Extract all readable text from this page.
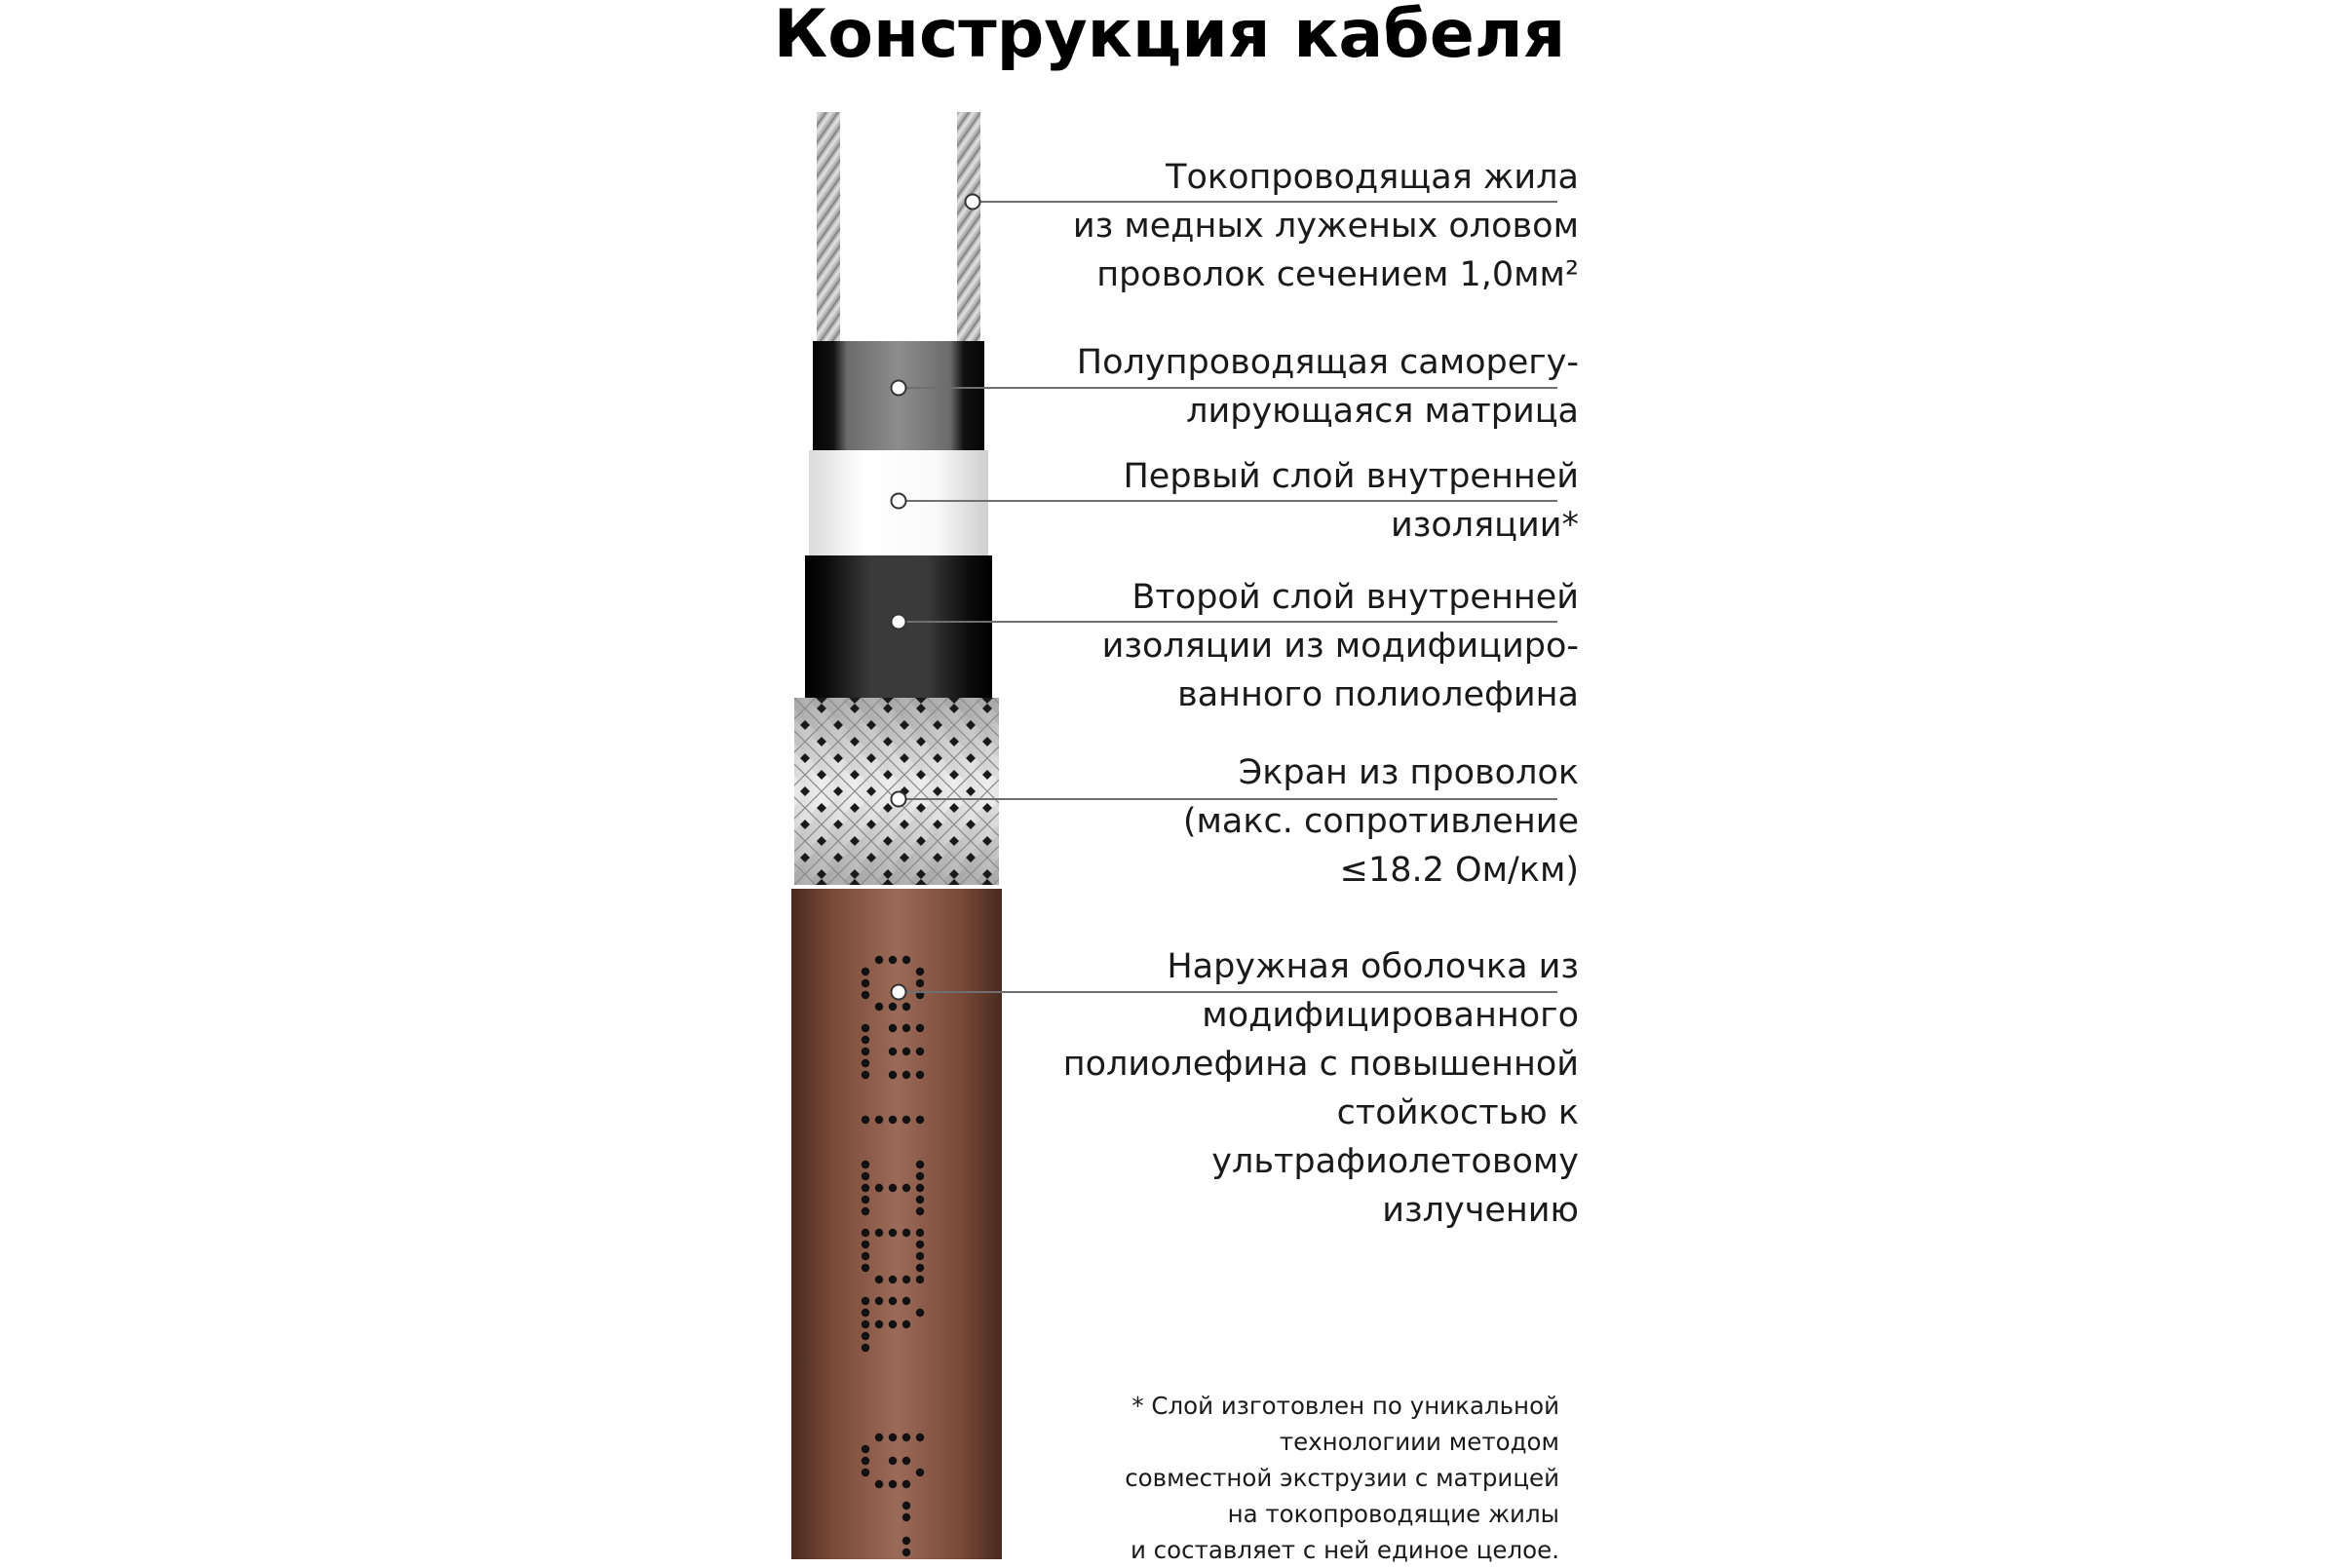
Конструкция кабеля
Токопроводящая жила
из медных луженых оловом
проволок сечением 1,0мм²
Полупроводящая саморегу-
лирующаяся матрица
Первый слой внутренней
изоляции*
Второй слой внутренней
изоляции из модифициро-
ванного полиолефина
Экран из проволок
(макс. сопротивление
≤18.2 Ом/км)
Наружная оболочка из
модифицированного
полиолефина с повышенной
стойкостью к
ультрафиолетовому
излучению
* Слой изготовлен по уникальной
технологиии методом
совместной экструзии с матрицей
на токопроводящие жилы
и составляет с ней единое целое.
